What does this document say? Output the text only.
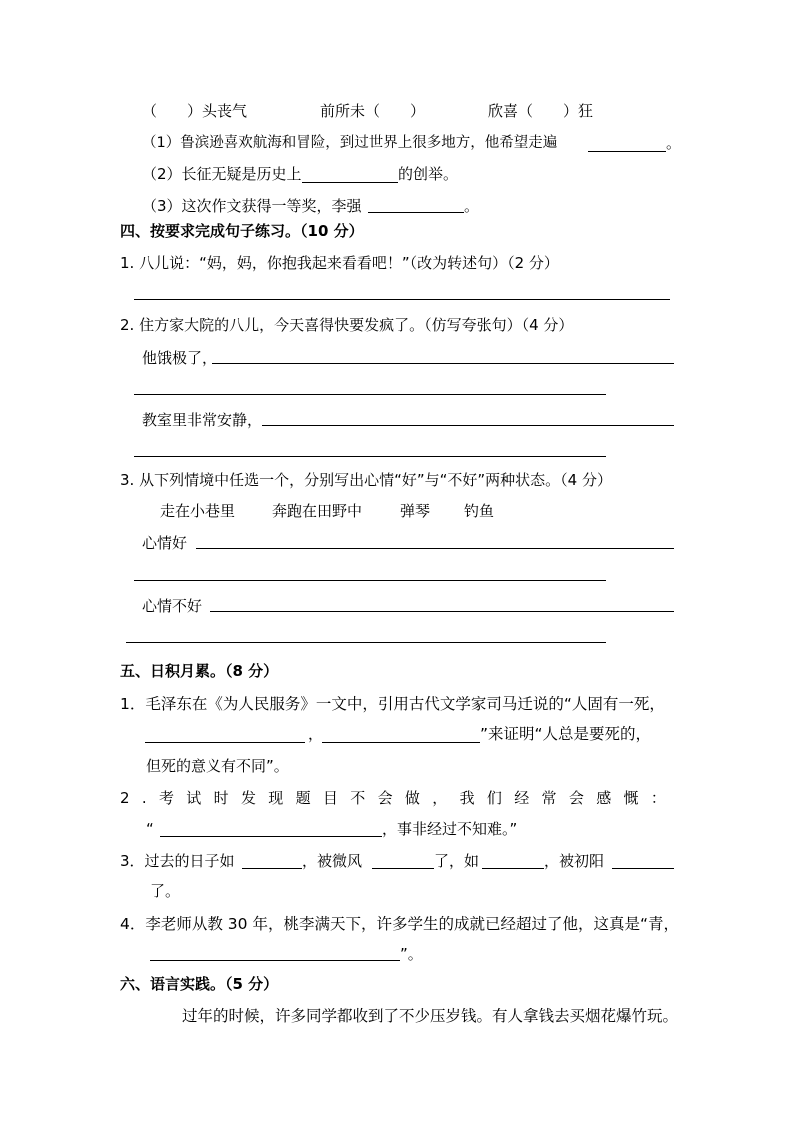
（　　）头丧气	前所未（　　）	欣喜（　　）狂
（1）鲁滨逊喜欢航海和冒险，到过世界上很多地方，他希望走遍	。
（2）长征无疑是历史上	的创举。
（3）这次作文获得一等奖，李强	。
四、按要求完成句子练习。（10 分）
1. 八儿说：“妈，妈，你抱我起来看看吧！”（改为转述句）（2 分）
2. 住方家大院的八儿，今天喜得快要发疯了。（仿写夸张句）（4 分）
他饿极了，
教室里非常安静，
3. 从下列情境中任选一个，分别写出心情“好”与“不好”两种状态。（4 分）
走在小巷里 奔跑在田野中	弹琴 钓鱼
心情好
心情不好
五、日积月累。（8 分）
1．毛泽东在《为人民服务》一文中，引用古代文学家司马迁说的“人固有一死，
，	”来证明“人总是要死的，
但死的意义有不同”。
2 . 考 试 时 发 现 题 目 不 会 做 ， 我 们 经 常 会 感 慨 ：
“	，事非经过不知难。”
3．过去的日子如	，被微风	了，如	，被初阳
了。
4．李老师从教 30 年，桃李满天下，许多学生的成就已经超过了他，这真是“青，
”。
六、语言实践。（5 分）
过年的时候，许多同学都收到了不少压岁钱。有人拿钱去买烟花爆竹玩。
